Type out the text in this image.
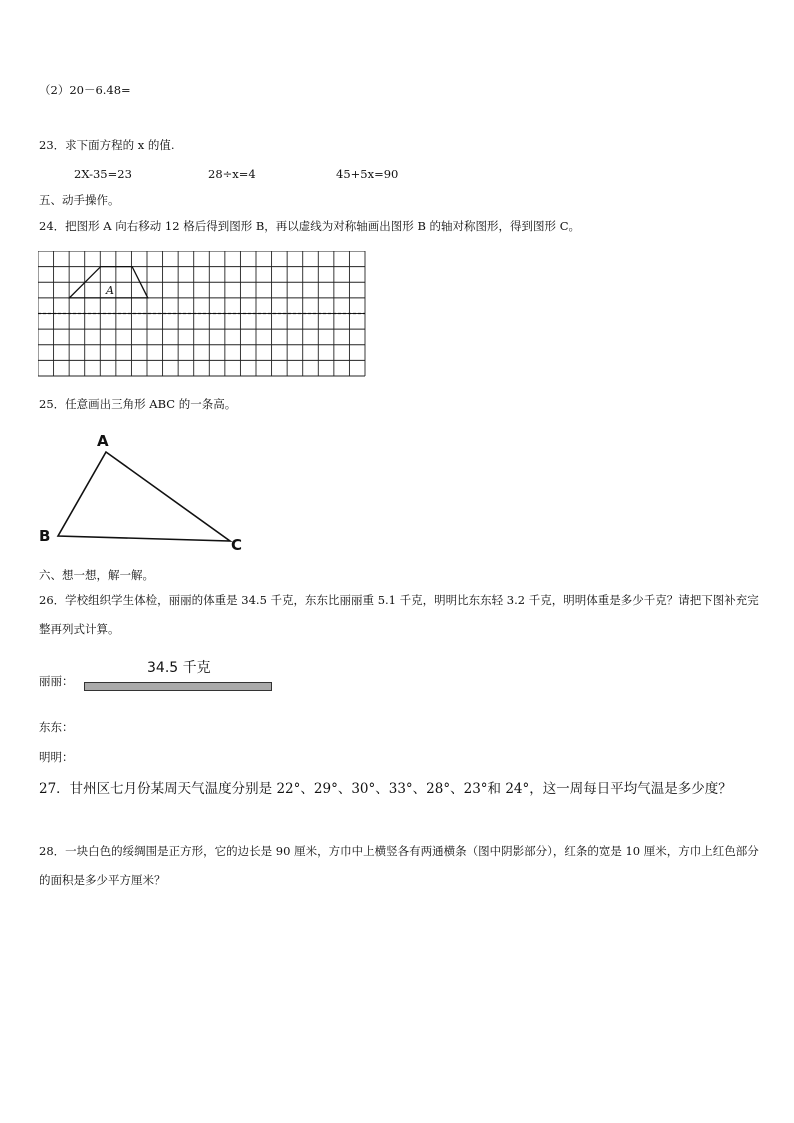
（2）20－6.48=
23．求下面方程的 x 的值.
2X-35=23	28÷x=4	45+5x=90
五、动手操作。
24．把图形 A 向右移动 12 格后得到图形 B，再以虚线为对称轴画出图形 B 的轴对称图形，得到图形 C。
A
25．任意画出三角形 ABC 的一条高。
A
B	C
六、想一想，解一解。
26．学校组织学生体检，丽丽的体重是 34.5 千克，东东比丽丽重 5.1 千克，明明比东东轻 3.2 千克，明明体重是多少千克？请把下图补充完整再列式计算。
34.5 千克
丽丽：
东东：
明明：
27．甘州区七月份某周天气温度分别是 22°、29°、30°、33°、28°、23°和 24°，这一周每日平均气温是多少度？
28．一块白色的绥绸围是正方形，它的边长是 90 厘米，方巾中上横竖各有两通横条（图中阴影部分），红条的宽是 10 厘米，方巾上红色部分的面积是多少平方厘米？
